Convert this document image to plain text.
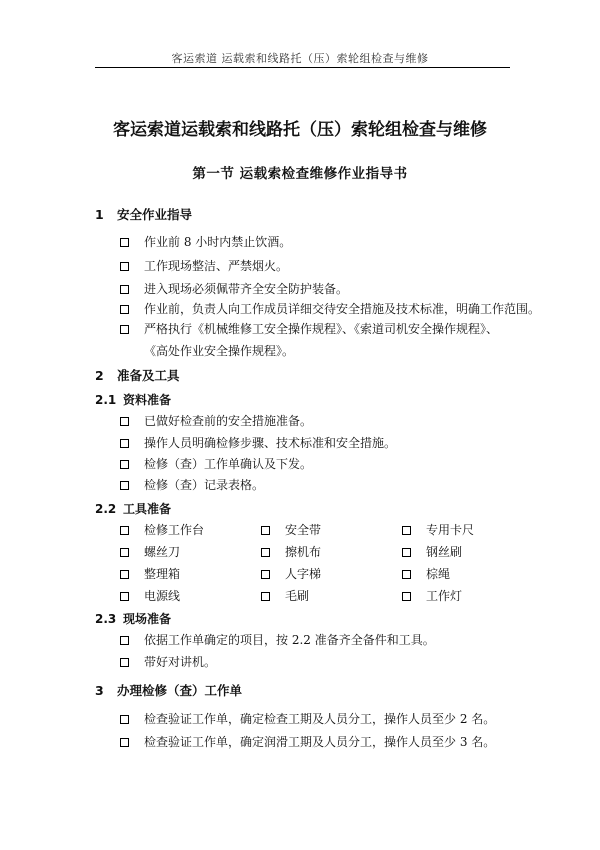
客运索道 运载索和线路托（压）索轮组检查与维修
客运索道运载索和线路托（压）索轮组检查与维修
第一节 运载索检查维修作业指导书
1 安全作业指导
作业前 8 小时内禁止饮酒。
工作现场整洁、严禁烟火。
进入现场必须佩带齐全安全防护装备。
作业前，负责人向工作成员详细交待安全措施及技术标准，明确工作范围。
严格执行《机械维修工安全操作规程》、《索道司机安全操作规程》、《高处作业安全操作规程》。
2 准备及工具
2.1 资料准备
已做好检查前的安全措施准备。
操作人员明确检修步骤、技术标准和安全措施。
检修（查）工作单确认及下发。
检修（查）记录表格。
2.2 工具准备
检修工作台	安全带	专用卡尺
螺丝刀	擦机布	钢丝刷
整理箱	人字梯	棕绳
电源线	毛刷	工作灯
2.3 现场准备
依据工作单确定的项目，按 2.2 准备齐全备件和工具。
带好对讲机。
3 办理检修（查）工作单
检查验证工作单，确定检查工期及人员分工，操作人员至少 2 名。
检查验证工作单，确定润滑工期及人员分工，操作人员至少 3 名。
